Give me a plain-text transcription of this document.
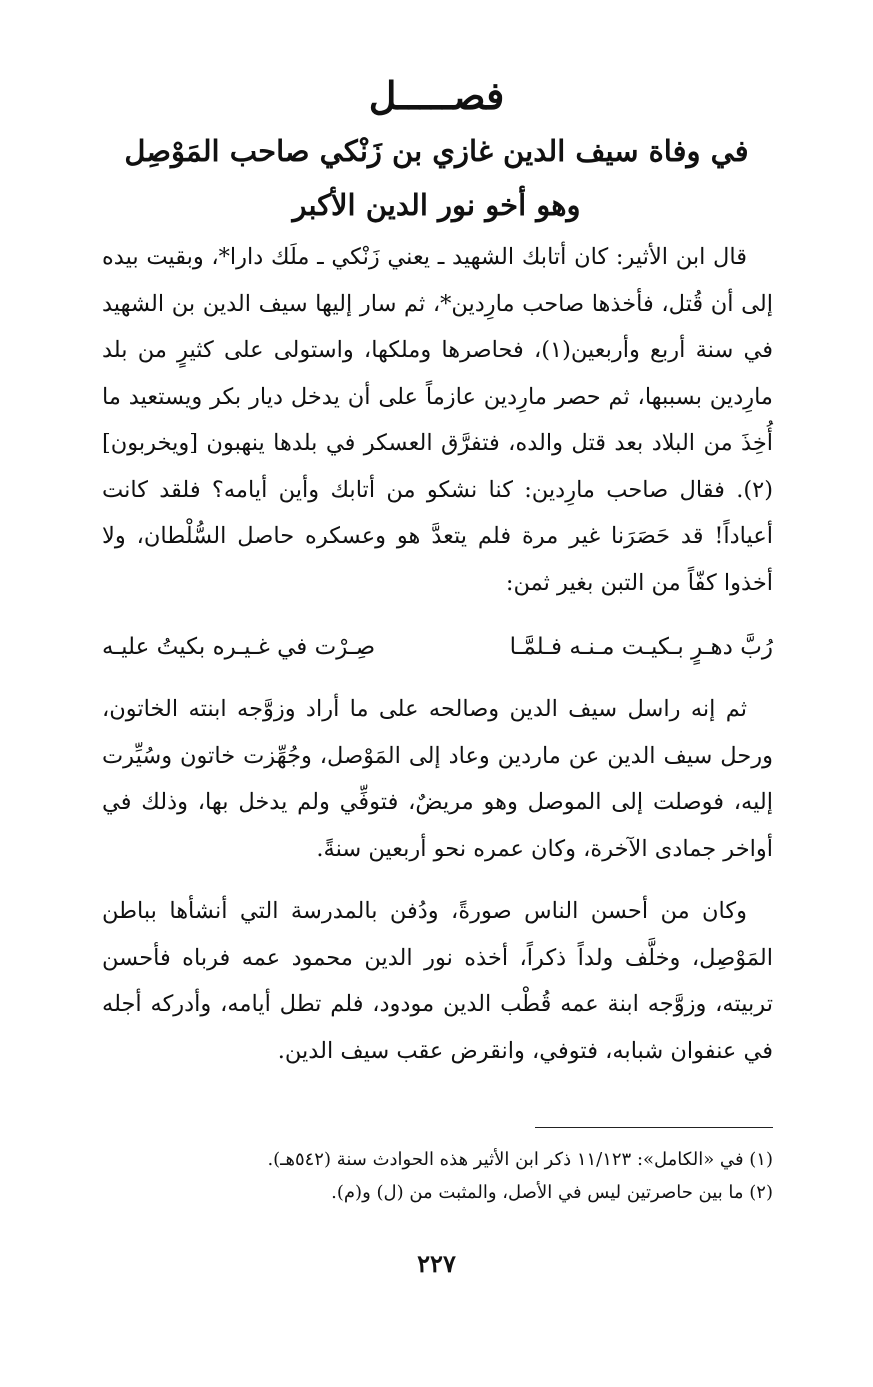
فصـــــل
في وفاة سيف الدين غازي بن زَنْكي صاحب المَوْصِل
وهو أخو نور الدين الأكبر

قال ابن الأثير: كان أتابك الشهيد ـ يعني زَنْكي ـ ملَك دارا*، وبقيت بيده إلى أن قُتل، فأخذها صاحب مارِدين*، ثم سار إليها سيف الدين بن الشهيد في سنة أربع وأربعين(١)، فحاصرها وملكها، واستولى على كثيرٍ من بلد مارِدين بسببها، ثم حصر مارِدين عازماً على أن يدخل ديار بكر ويستعيد ما أُخِذَ من البلاد بعد قتل والده، فتفرَّق العسكر في بلدها ينهبون [ويخربون](٢). فقال صاحب مارِدين: كنا نشكو من أتابك وأين أيامه؟ فلقد كانت أعياداً! قد حَصَرَنا غير مرة فلم يتعدَّ هو وعسكره حاصل السُّلْطان، ولا أخذوا كفّاً من التبن بغير ثمن:

رُبَّ دهـرٍ بـكيـت مـنـه فـلمَّـا
صِـرْت في غـيـره بكيتُ عليـه

ثم إنه راسل سيف الدين وصالحه على ما أراد وزوَّجه ابنته الخاتون، ورحل سيف الدين عن ماردين وعاد إلى المَوْصل، وجُهِّزت خاتون وسُيِّرت إليه، فوصلت إلى الموصل وهو مريضٌ، فتوفِّي ولم يدخل بها، وذلك في أواخر جمادى الآخرة، وكان عمره نحو أربعين سنةً.

وكان من أحسن الناس صورةً، ودُفن بالمدرسة التي أنشأها بباطن المَوْصِل، وخلَّف ولداً ذكراً، أخذه نور الدين محمود عمه فرباه فأحسن تربيته، وزوَّجه ابنة عمه قُطْب الدين مودود، فلم تطل أيامه، وأدركه أجله في عنفوان شبابه، فتوفي، وانقرض عقب سيف الدين.

(١) في «الكامل»: ١١/١٢٣ ذكر ابن الأثير هذه الحوادث سنة (٥٤٢هـ).
(٢) ما بين حاصرتين ليس في الأصل، والمثبت من (ل) و(م).
٢٢٧
